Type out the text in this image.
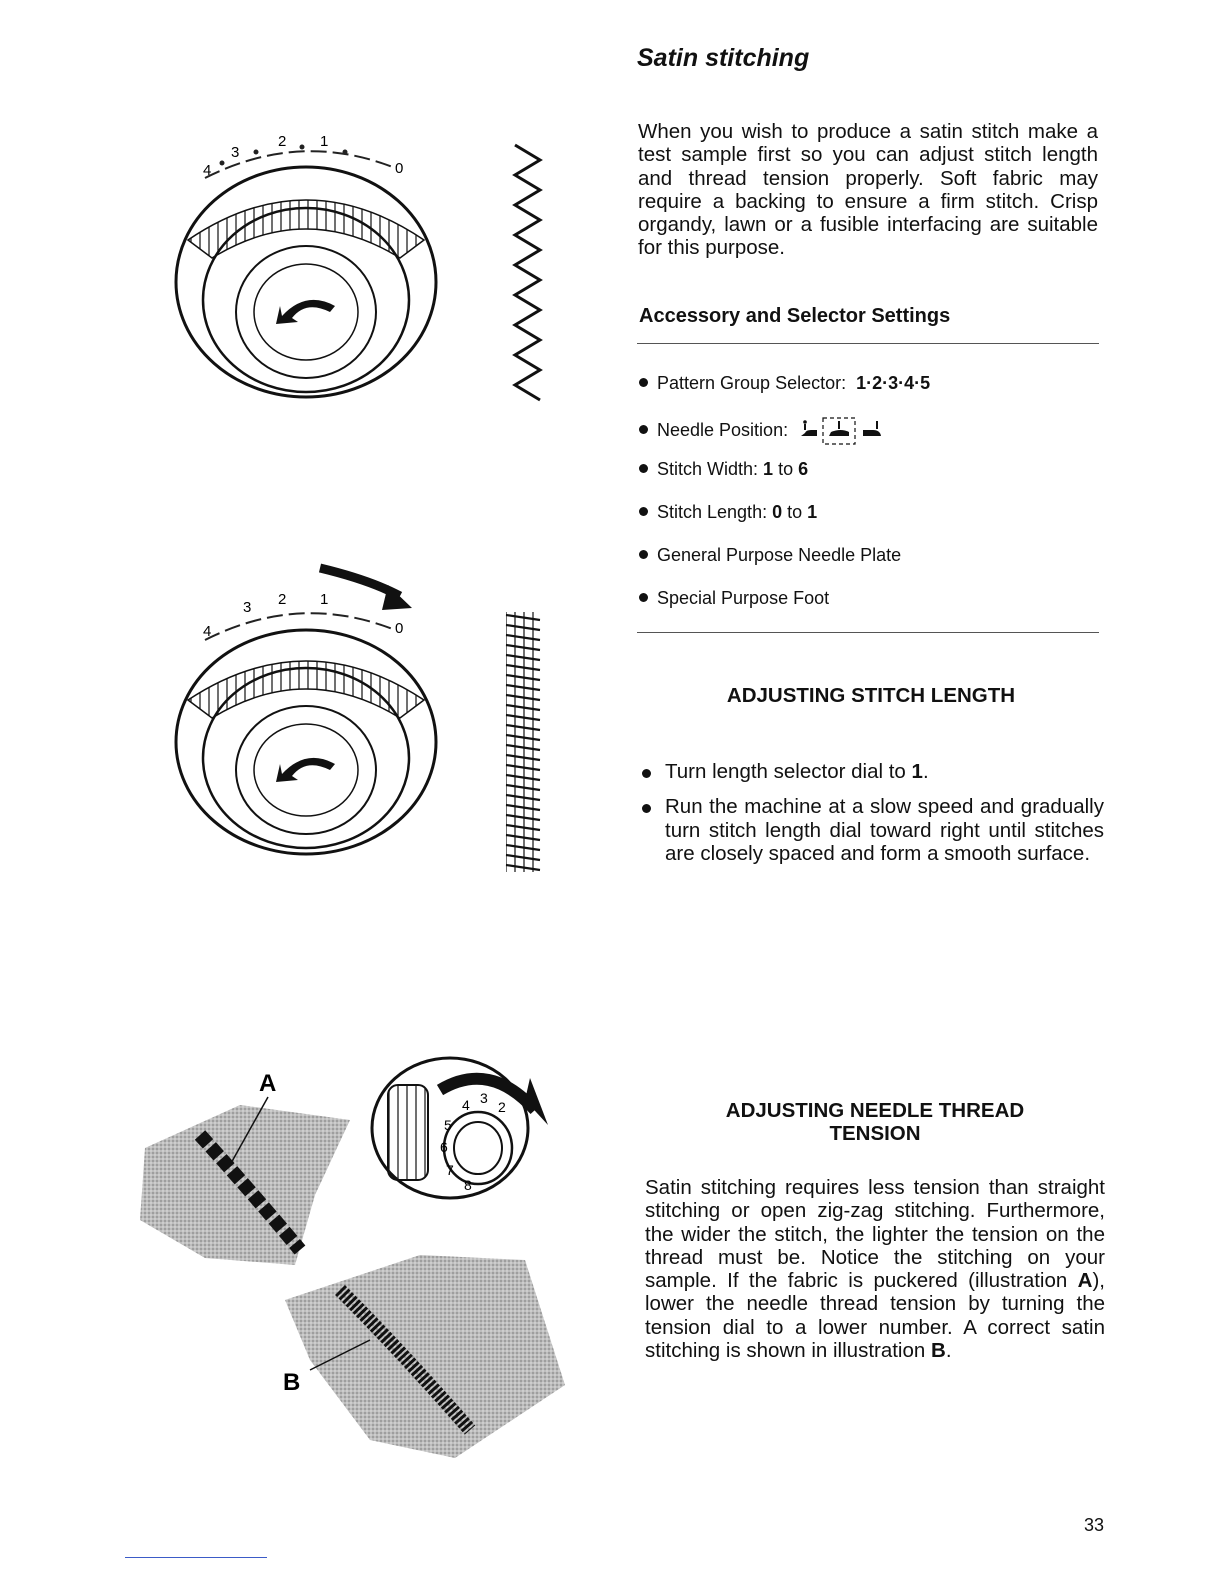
4
3
2 1
0
4
3 2 1
0
4 3
2
5
6
7
8
A
B
Satin stitching

When you wish to produce a satin stitch make a test sample first so you can adjust stitch length and thread tension properly. Soft fabric may require a backing to ensure a firm stitch. Crisp organdy, lawn or a fusible interfacing are suitable for this purpose.

Accessory and Selector Settings
Pattern Group Selector: 1·2·3·4·5
Needle Position:
Stitch Width: 1 to 6
Stitch Length: 0 to 1
General Purpose Needle Plate
Special Purpose Foot
ADJUSTING STITCH LENGTH
Turn length selector dial to 1.
Run the machine at a slow speed and gradually turn stitch length dial toward right until stitches are closely spaced and form a smooth surface.
ADJUSTING NEEDLE THREAD
TENSION

Satin stitching requires less tension than straight stitching or open zig-zag stitching. Furthermore, the wider the stitch, the lighter the tension on the thread must be. Notice the stitching on your sample. If the fabric is puckered (illustration A), lower the needle thread tension by turning the tension dial to a lower number. A correct satin stitching is shown in illustration B.

33
